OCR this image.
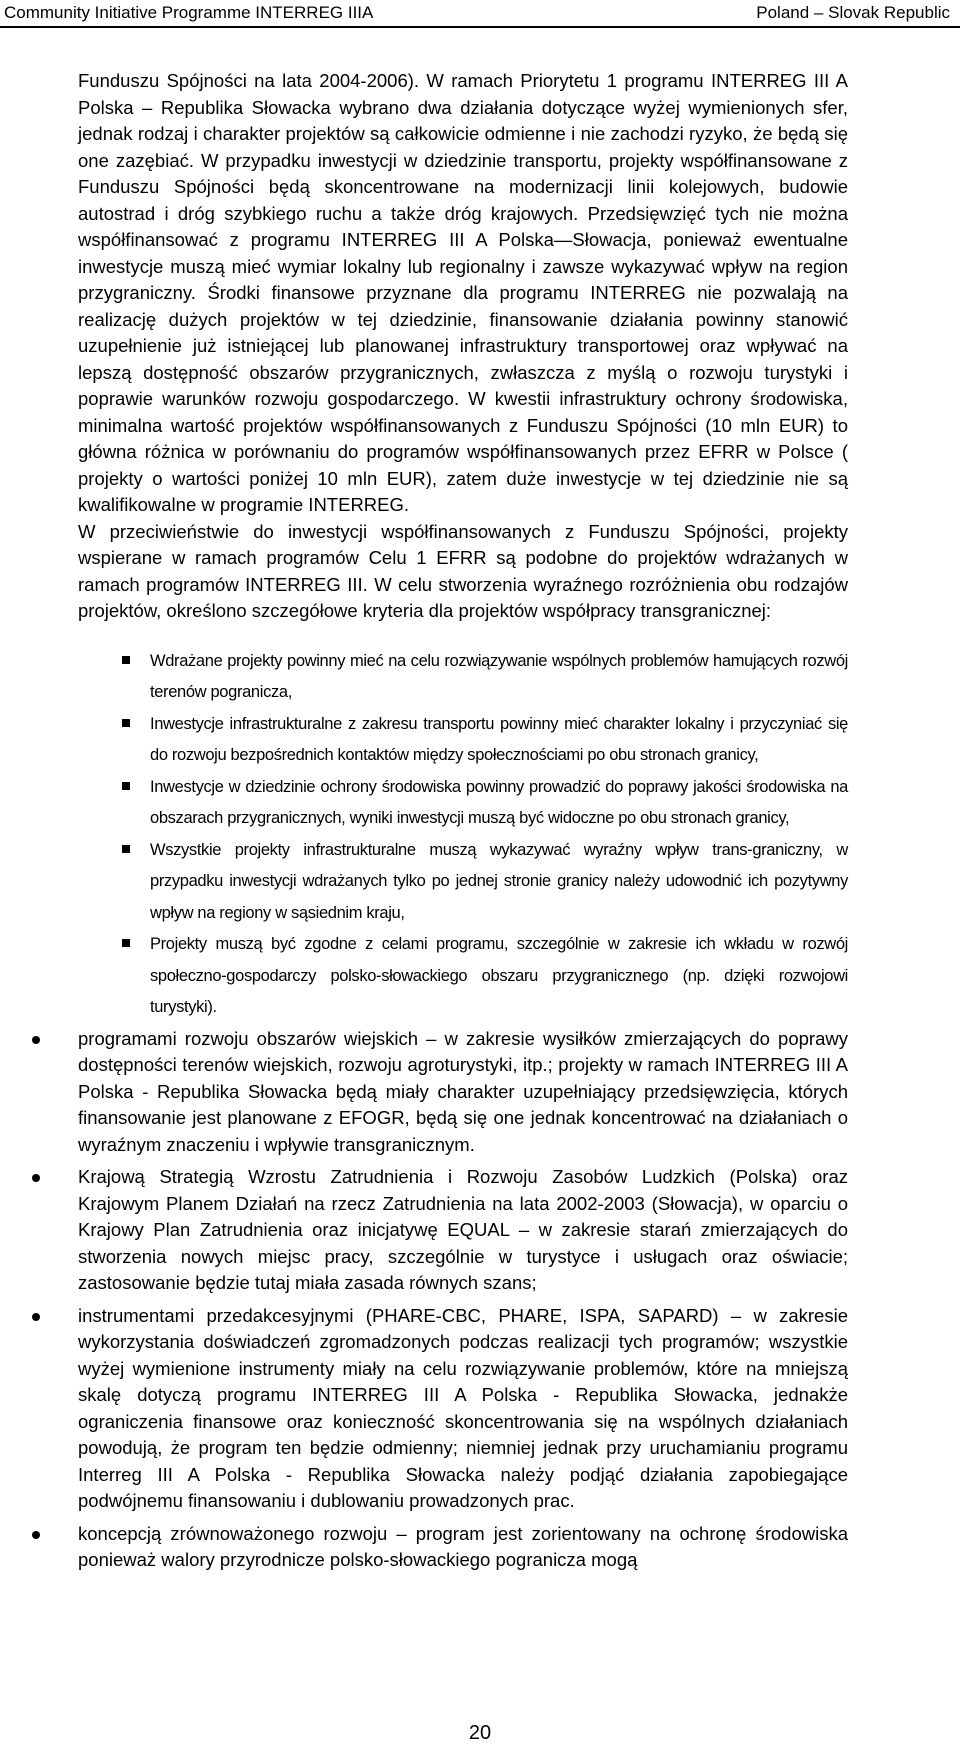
Community Initiative Programme INTERREG IIIA	Poland – Slovak Republic

Funduszu Spójności na lata 2004-2006). W ramach Priorytetu 1 programu INTERREG III A Polska – Republika Słowacka wybrano dwa działania dotyczące wyżej wymienionych sfer, jednak rodzaj i charakter projektów są całkowicie odmienne i nie zachodzi ryzyko, że będą się one zazębiać. W przypadku inwestycji w dziedzinie transportu, projekty współfinansowane z Funduszu Spójności będą skoncentrowane na modernizacji linii kolejowych, budowie autostrad i dróg szybkiego ruchu a także dróg krajowych. Przedsięwzięć tych nie można współfinansować z programu INTERREG III A Polska—Słowacja, ponieważ ewentualne inwestycje muszą mieć wymiar lokalny lub regionalny i zawsze wykazywać wpływ na region przygraniczny. Środki finansowe przyznane dla programu INTERREG nie pozwalają na realizację dużych projektów w tej dziedzinie, finansowanie działania powinny stanowić uzupełnienie już istniejącej lub planowanej infrastruktury transportowej oraz wpływać na lepszą dostępność obszarów przygranicznych, zwłaszcza z myślą o rozwoju turystyki i poprawie warunków rozwoju gospodarczego. W kwestii infrastruktury ochrony środowiska, minimalna wartość projektów współfinansowanych z Funduszu Spójności (10 mln EUR) to główna różnica w porównaniu do programów współfinansowanych przez EFRR w Polsce ( projekty o wartości poniżej 10 mln EUR), zatem duże inwestycje w tej dziedzinie nie są kwalifikowalne w programie INTERREG.

W przeciwieństwie do inwestycji współfinansowanych z Funduszu Spójności, projekty wspierane w ramach programów Celu 1 EFRR są podobne do projektów wdrażanych w ramach programów INTERREG III. W celu stworzenia wyraźnego rozróżnienia obu rodzajów projektów, określono szczegółowe kryteria dla projektów współpracy transgranicznej:

Wdrażane projekty powinny mieć na celu rozwiązywanie wspólnych problemów hamujących rozwój terenów pogranicza,
Inwestycje infrastrukturalne z zakresu transportu powinny mieć charakter lokalny i przyczyniać się do rozwoju bezpośrednich kontaktów między społecznościami po obu stronach granicy,
Inwestycje w dziedzinie ochrony środowiska powinny prowadzić do poprawy jakości środowiska na obszarach przygranicznych, wyniki inwestycji muszą być widoczne po obu stronach granicy,
Wszystkie projekty infrastrukturalne muszą wykazywać wyraźny wpływ trans-graniczny, w przypadku inwestycji wdrażanych tylko po jednej stronie granicy należy udowodnić ich pozytywny wpływ na regiony w sąsiednim kraju,
Projekty muszą być zgodne z celami programu, szczególnie w zakresie ich wkładu w rozwój społeczno-gospodarczy polsko-słowackiego obszaru przygranicznego (np. dzięki rozwojowi turystyki).
programami rozwoju obszarów wiejskich – w zakresie wysiłków zmierzających do poprawy dostępności terenów wiejskich, rozwoju agroturystyki, itp.; projekty w ramach INTERREG III A Polska - Republika Słowacka będą miały charakter uzupełniający przedsięwzięcia, których finansowanie jest planowane z EFOGR, będą się one jednak koncentrować na działaniach o wyraźnym znaczeniu i wpływie transgranicznym.
Krajową Strategią Wzrostu Zatrudnienia i Rozwoju Zasobów Ludzkich (Polska) oraz Krajowym Planem Działań na rzecz Zatrudnienia na lata 2002-2003 (Słowacja), w oparciu o Krajowy Plan Zatrudnienia oraz inicjatywę EQUAL – w zakresie starań zmierzających do stworzenia nowych miejsc pracy, szczególnie w turystyce i usługach oraz oświacie; zastosowanie będzie tutaj miała zasada równych szans;
instrumentami przedakcesyjnymi (PHARE-CBC, PHARE, ISPA, SAPARD) – w zakresie wykorzystania doświadczeń zgromadzonych podczas realizacji tych programów; wszystkie wyżej wymienione instrumenty miały na celu rozwiązywanie problemów, które na mniejszą skalę dotyczą programu INTERREG III A Polska - Republika Słowacka, jednakże ograniczenia finansowe oraz konieczność skoncentrowania się na wspólnych działaniach powodują, że program ten będzie odmienny; niemniej jednak przy uruchamianiu programu Interreg III A Polska - Republika Słowacka należy podjąć działania zapobiegające podwójnemu finansowaniu i dublowaniu prowadzonych prac.
koncepcją zrównoważonego rozwoju – program jest zorientowany na ochronę środowiska ponieważ walory przyrodnicze polsko-słowackiego pogranicza mogą
20
